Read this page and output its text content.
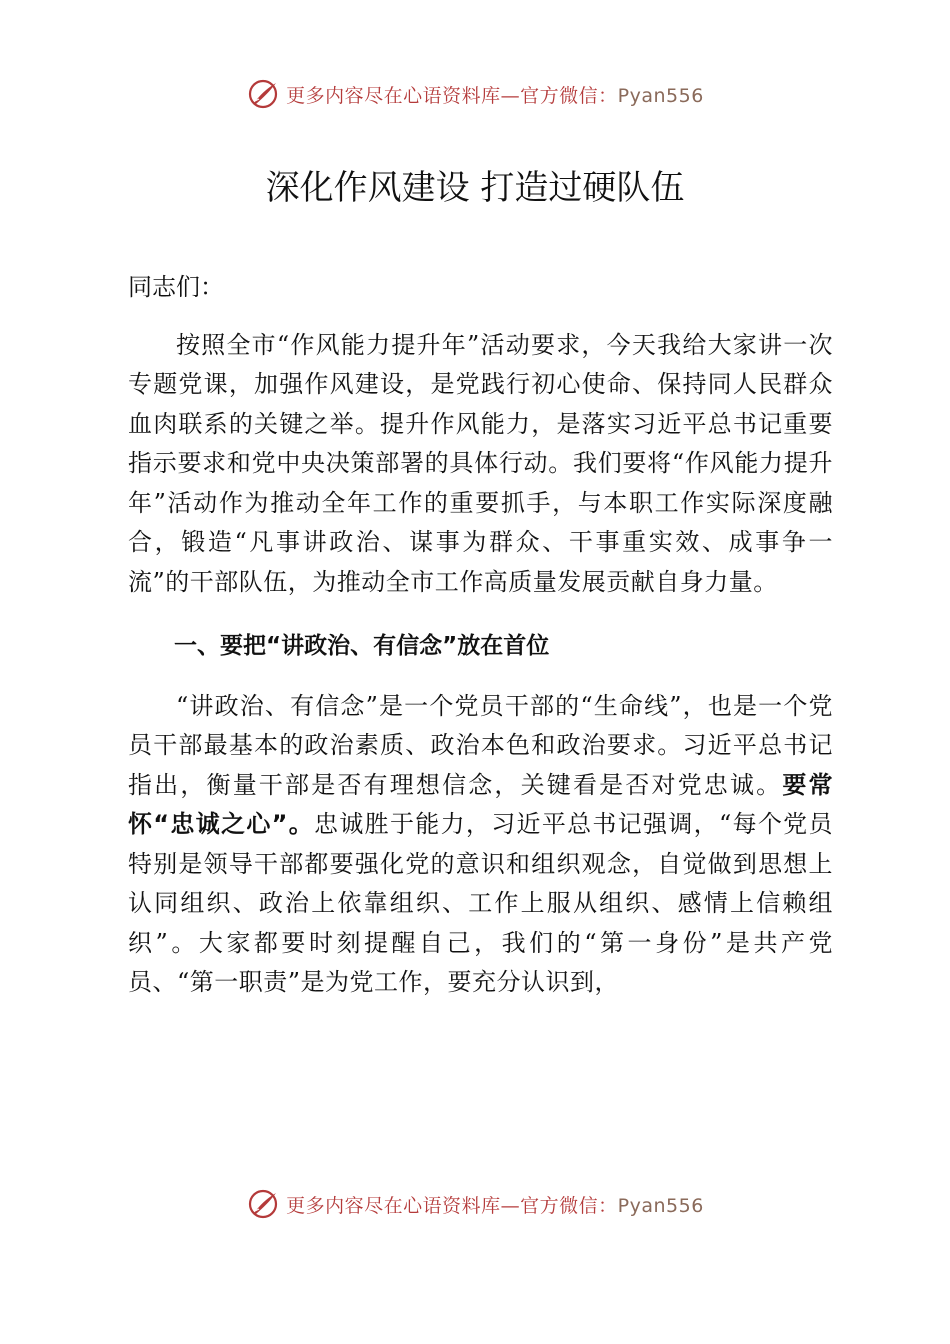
更多内容尽在心语资料库—官方微信：Pyan556
深化作风建设 打造过硬队伍

同志们：

按照全市“作风能力提升年”活动要求，今天我给大家讲一次专题党课，加强作风建设，是党践行初心使命、保持同人民群众血肉联系的关键之举。提升作风能力，是落实习近平总书记重要指示要求和党中央决策部署的具体行动。我们要将“作风能力提升年”活动作为推动全年工作的重要抓手，与本职工作实际深度融合，锻造“凡事讲政治、谋事为群众、干事重实效、成事争一流”的干部队伍，为推动全市工作高质量发展贡献自身力量。

一、要把“讲政治、有信念”放在首位

“讲政治、有信念”是一个党员干部的“生命线”，也是一个党员干部最基本的政治素质、政治本色和政治要求。习近平总书记指出，衡量干部是否有理想信念，关键看是否对党忠诚。要常怀“忠诚之心”。忠诚胜于能力，习近平总书记强调，“每个党员特别是领导干部都要强化党的意识和组织观念，自觉做到思想上认同组织、政治上依靠组织、工作上服从组织、感情上信赖组织”。大家都要时刻提醒自己，我们的“第一身份”是共产党员、“第一职责”是为党工作，要充分认识到，

更多内容尽在心语资料库—官方微信：Pyan556
